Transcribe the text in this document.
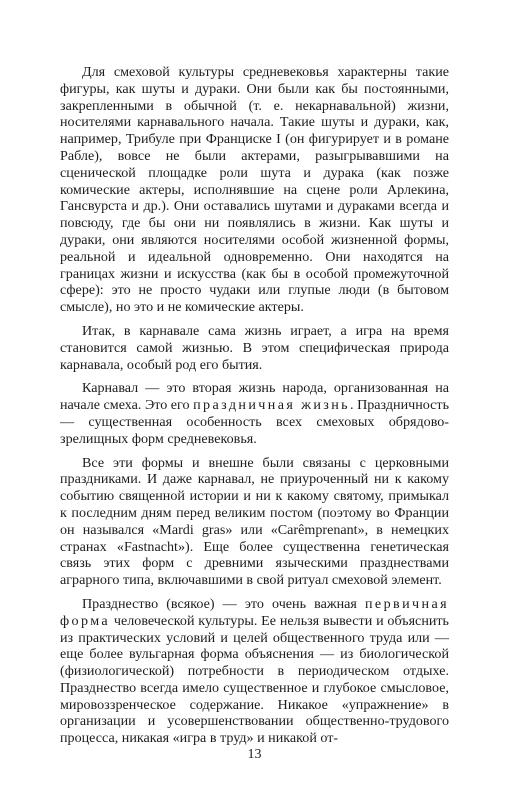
Для смеховой культуры средневековья характерны такие фигуры, как шуты и дураки. Они были как бы постоянными, закрепленными в обычной (т. е. некарнавальной) жизни, носителями карнавального начала. Такие шуты и дураки, как, например, Трибуле при Франциске I (он фигурирует и в романе Рабле), вовсе не были актерами, разыгрывавшими на сценической площадке роли шута и дурака (как позже комические актеры, исполнявшие на сцене роли Арлекина, Гансвурста и др.). Они оставались шутами и дураками всегда и повсюду, где бы они ни появлялись в жизни. Как шуты и дураки, они являются носителями особой жизненной формы, реальной и идеальной одновременно. Они находятся на границах жизни и искусства (как бы в особой промежуточной сфере): это не просто чудаки или глупые люди (в бытовом смысле), но это и не комические актеры.

Итак, в карнавале сама жизнь играет, а игра на время становится самой жизнью. В этом специфическая природа карнавала, особый род его бытия.

Карнавал — это вторая жизнь народа, организованная на начале смеха. Это его праздничная жизнь. Праздничность — существенная особенность всех смеховых обрядово-зрелищных форм средневековья.

Все эти формы и внешне были связаны с церковными праздниками. И даже карнавал, не приуроченный ни к какому событию священной истории и ни к какому святому, примыкал к последним дням перед великим постом (поэтому во Франции он назывался «Mardi gras» или «Carêmprenant», в немецких странах «Fastnacht»). Еще более существенна генетическая связь этих форм с древними языческими празднествами аграрного типа, включавшими в свой ритуал смеховой элемент.

Празднество (всякое) — это очень важная первичная форма человеческой культуры. Ее нельзя вывести и объяснить из практических условий и целей общественного труда или — еще более вульгарная форма объяснения — из биологической (физиологической) потребности в периодическом отдыхе. Празднество всегда имело существенное и глубокое смысловое, мировоззренческое содержание. Никакое «упражнение» в организации и усовершенствовании общественно-трудового процесса, никакая «игра в труд» и никакой от-

13
